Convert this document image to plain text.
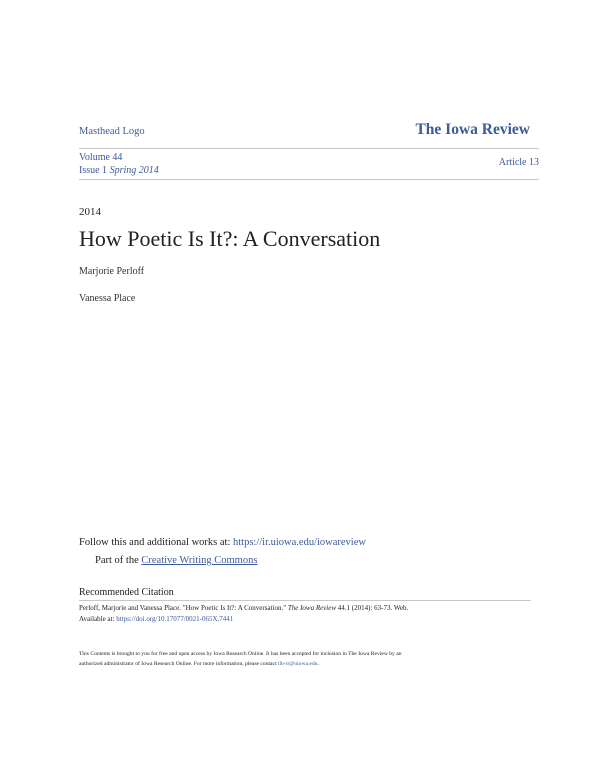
Masthead Logo	The Iowa Review
Volume 44
Issue 1 Spring 2014
Article 13
2014
How Poetic Is It?: A Conversation
Marjorie Perloff
Vanessa Place
Follow this and additional works at: https://ir.uiowa.edu/iowareview
Part of the Creative Writing Commons
Recommended Citation
Perloff, Marjorie and Vanessa Place. "How Poetic Is It?: A Conversation." The Iowa Review 44.1 (2014): 63-73. Web.
Available at: https://doi.org/10.17077/0021-065X.7441
This Contents is brought to you for free and open access by Iowa Research Online. It has been accepted for inclusion in The Iowa Review by an
authorized administrator of Iowa Research Online. For more information, please contact lib-ir@uiowa.edu.
